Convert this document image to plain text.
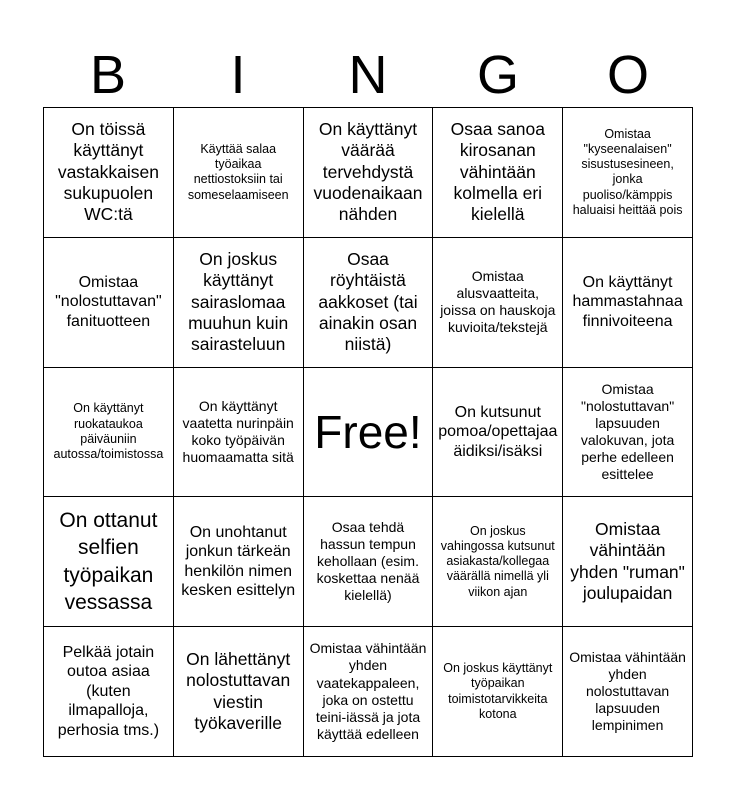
B	I	N	G	O
On töissä käyttänyt vastakkaisen sukupuolen WC:tä
Käyttää salaa työaikaa nettiostoksiin tai someselaamiseen
On käyttänyt väärää tervehdystä vuodenaikaan nähden
Osaa sanoa kirosanan vähintään kolmella eri kielellä
Omistaa "kyseenalaisen" sisustusesineen, jonka puoliso/kämppis haluaisi heittää pois
Omistaa "nolostuttavan" fanituotteen
On joskus käyttänyt sairaslomaa muuhun kuin sairasteluun
Osaa röyhtäistä aakkoset (tai ainakin osan niistä)
Omistaa alusvaatteita, joissa on hauskoja kuvioita/tekstejä
On käyttänyt hammastahnaa finnivoiteena
On käyttänyt ruokataukoa päiväuniin autossa/toimistossa
On käyttänyt vaatetta nurinpäin koko työpäivän huomaamatta sitä Free!	On kutsunut pomoa/opettajaa äidiksi/isäksi
Omistaa "nolostuttavan" lapsuuden valokuvan, jota perhe edelleen esittelee
On ottanut selfien työpaikan vessassa
On unohtanut jonkun tärkeän henkilön nimen kesken esittelyn
Osaa tehdä hassun tempun kehollaan (esim. koskettaa nenää kielellä)
On joskus vahingossa kutsunut asiakasta/kollegaa väärällä nimellä yli viikon ajan
Omistaa vähintään yhden "ruman" joulupaidan
Pelkää jotain outoa asiaa (kuten ilmapalloja, perhosia tms.)
On lähettänyt nolostuttavan viestin työkaverille
Omistaa vähintään yhden vaatekappaleen, joka on ostettu teini-iässä ja jota käyttää edelleen
On joskus käyttänyt työpaikan toimistotarvikkeita kotona
Omistaa vähintään yhden nolostuttavan lapsuuden lempinimen
